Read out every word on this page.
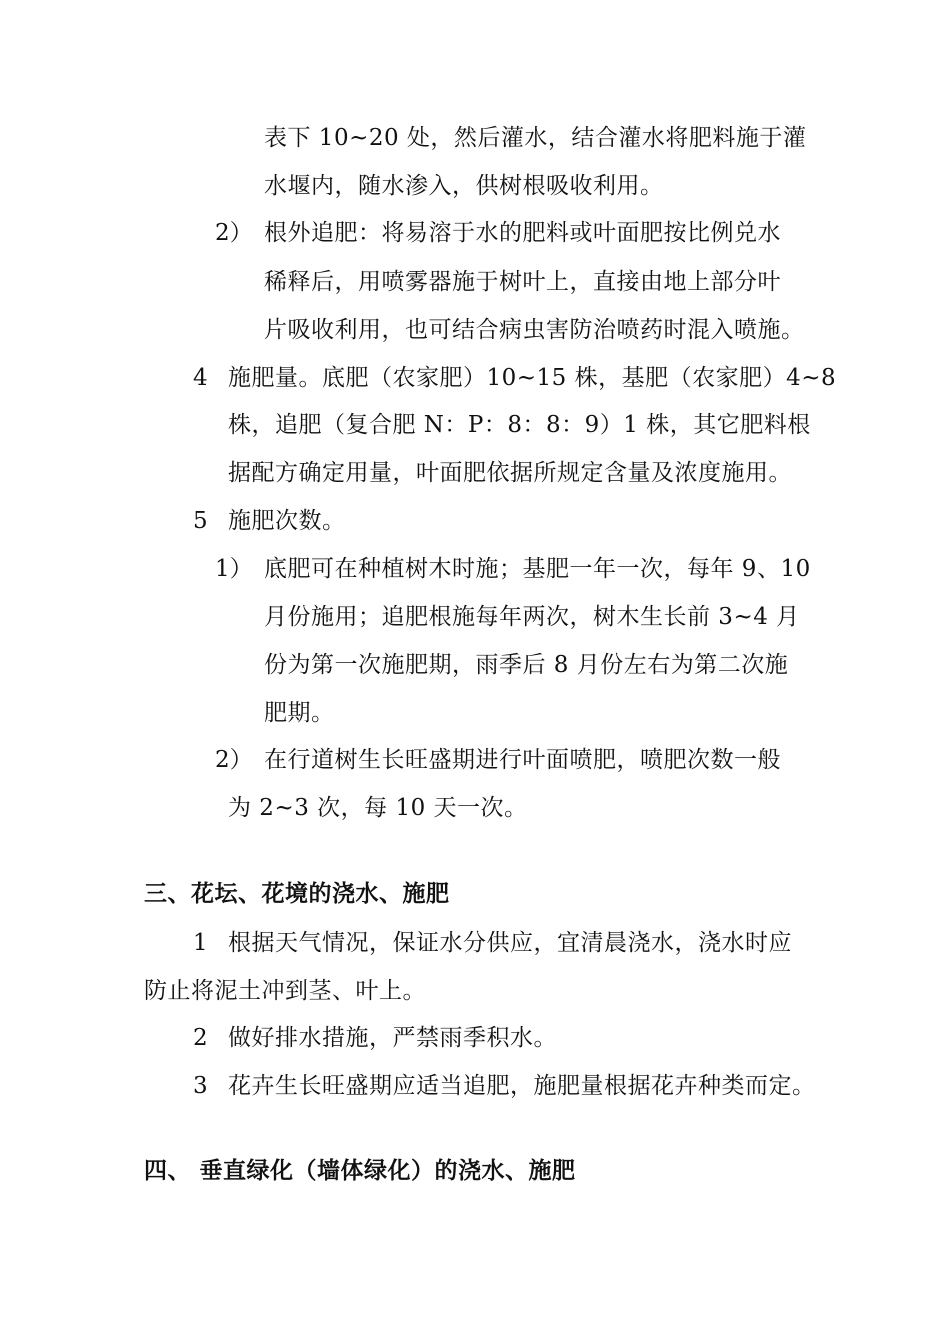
表下 10~20 处，然后灌水，结合灌水将肥料施于灌
水堰内，随水渗入，供树根吸收利用。
2） 根外追肥：将易溶于水的肥料或叶面肥按比例兑水
稀释后，用喷雾器施于树叶上，直接由地上部分叶
片吸收利用，也可结合病虫害防治喷药时混入喷施。
4 施肥量。底肥（农家肥）10~15 株，基肥（农家肥）4~8
株，追肥（复合肥 N：P：8：8：9）1 株，其它肥料根
据配方确定用量，叶面肥依据所规定含量及浓度施用。
5 施肥次数。
1） 底肥可在种植树木时施；基肥一年一次，每年 9、10
月份施用；追肥根施每年两次，树木生长前 3~4 月
份为第一次施肥期，雨季后 8 月份左右为第二次施
肥期。
2） 在行道树生长旺盛期进行叶面喷肥，喷肥次数一般
为 2~3 次，每 10 天一次。
三、花坛、花境的浇水、施肥
1 根据天气情况，保证水分供应，宜清晨浇水，浇水时应
防止将泥土冲到茎、叶上。
2 做好排水措施，严禁雨季积水。
3 花卉生长旺盛期应适当追肥，施肥量根据花卉种类而定。
四、 垂直绿化（墙体绿化）的浇水、施肥
